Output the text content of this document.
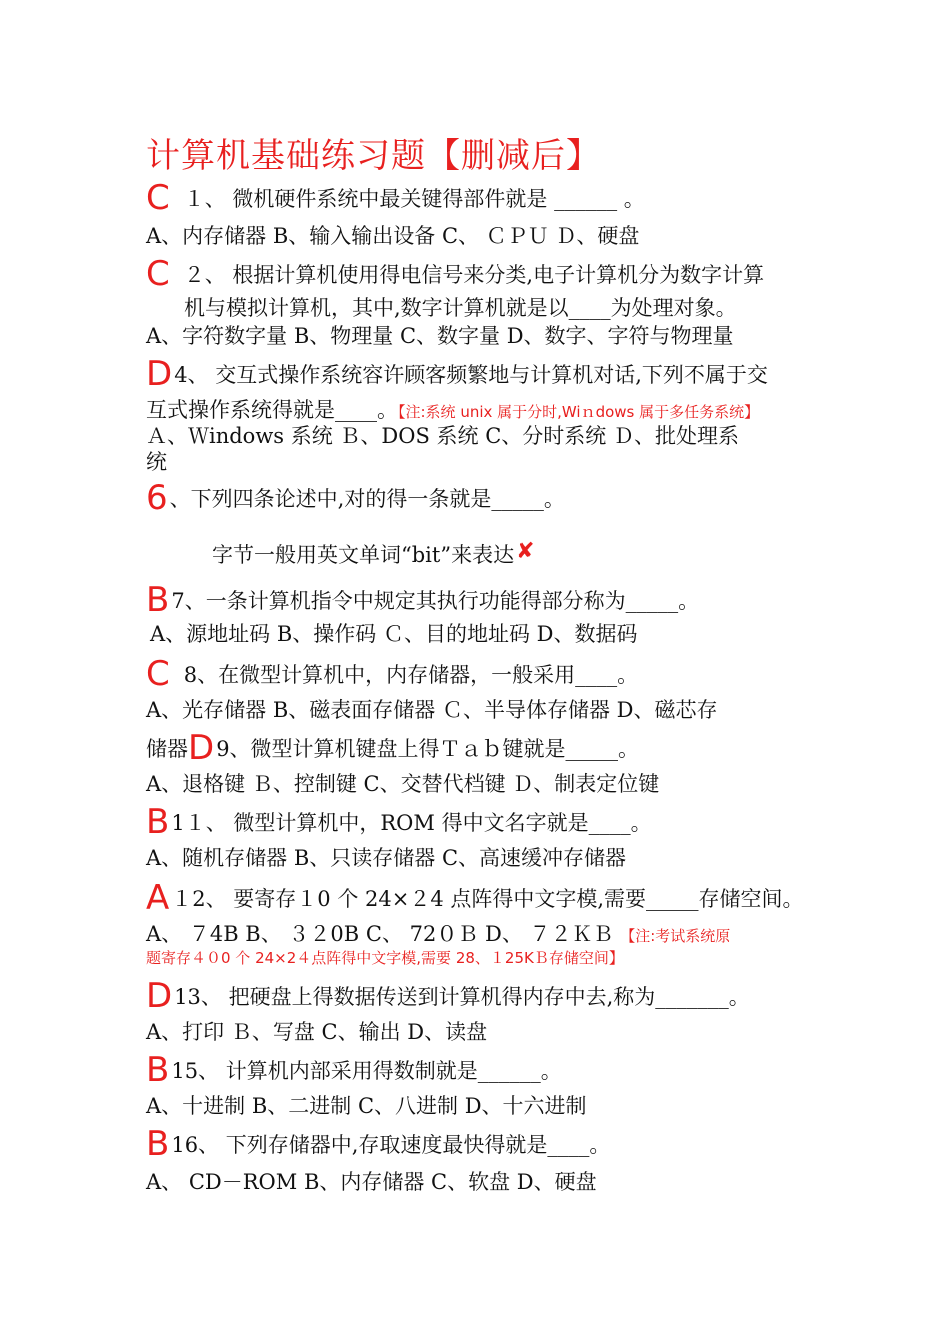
计算机基础练习题【删减后】
C １、 微机硬件系统中最关键得部件就是 ______ 。
A、内存储器 B、输入输出设备 C、 ＣＰＵ Ｄ、硬盘
C ２、 根据计算机使用得电信号来分类,电子计算机分为数字计算
机与模拟计算机，其中,数字计算机就是以____为处理对象。
A、字符数字量 B、物理量 C、数字量 D、数字、字符与物理量
D4、 交互式操作系统容许顾客频繁地与计算机对话,下列不属于交
互式操作系统得就是____。【注:系统 unix 属于分时,Wiｎdows 属于多任务系统】
Ａ、Ｗindows 系统 Ｂ、DOS 系统 C、分时系统 Ｄ、批处理系
统
6、下列四条论述中,对的得一条就是_____。
字节一般用英文单词“bit”来表达✘
B7、一条计算机指令中规定其执行功能得部分称为_____。
A、源地址码 B、操作码 Ｃ、目的地址码 D、数据码
C 8、在微型计算机中，内存储器，一般采用____。
A、光存储器 B、磁表面存储器 Ｃ、半导体存储器 D、磁芯存
储器D9、微型计算机键盘上得Ｔａｂ键就是_____。
A、退格键 Ｂ、控制键 C、交替代档键 Ｄ、制表定位键
B1１、 微型计算机中，ROM 得中文名字就是____。
A、随机存储器 B、只读存储器 C、高速缓冲存储器
A１2、 要寄存１0 个 24×２4 点阵得中文字模,需要_____存储空间。
A、 ７4B B、 ３２0B C、 72０Ｂ D、 ７２ＫＢ 【注:考试系统原
题寄存４０0 个 24×2４点阵得中文字模,需要 28、１25KＢ存储空间】
D13、 把硬盘上得数据传送到计算机得内存中去,称为_______。
A、打印 Ｂ、写盘 C、输出 D、读盘
B15、 计算机内部采用得数制就是______。
A、十进制 B、二进制 C、八进制 D、十六进制
B16、 下列存储器中,存取速度最快得就是____。
A、 CD－ROM B、内存储器 C、软盘 D、硬盘
